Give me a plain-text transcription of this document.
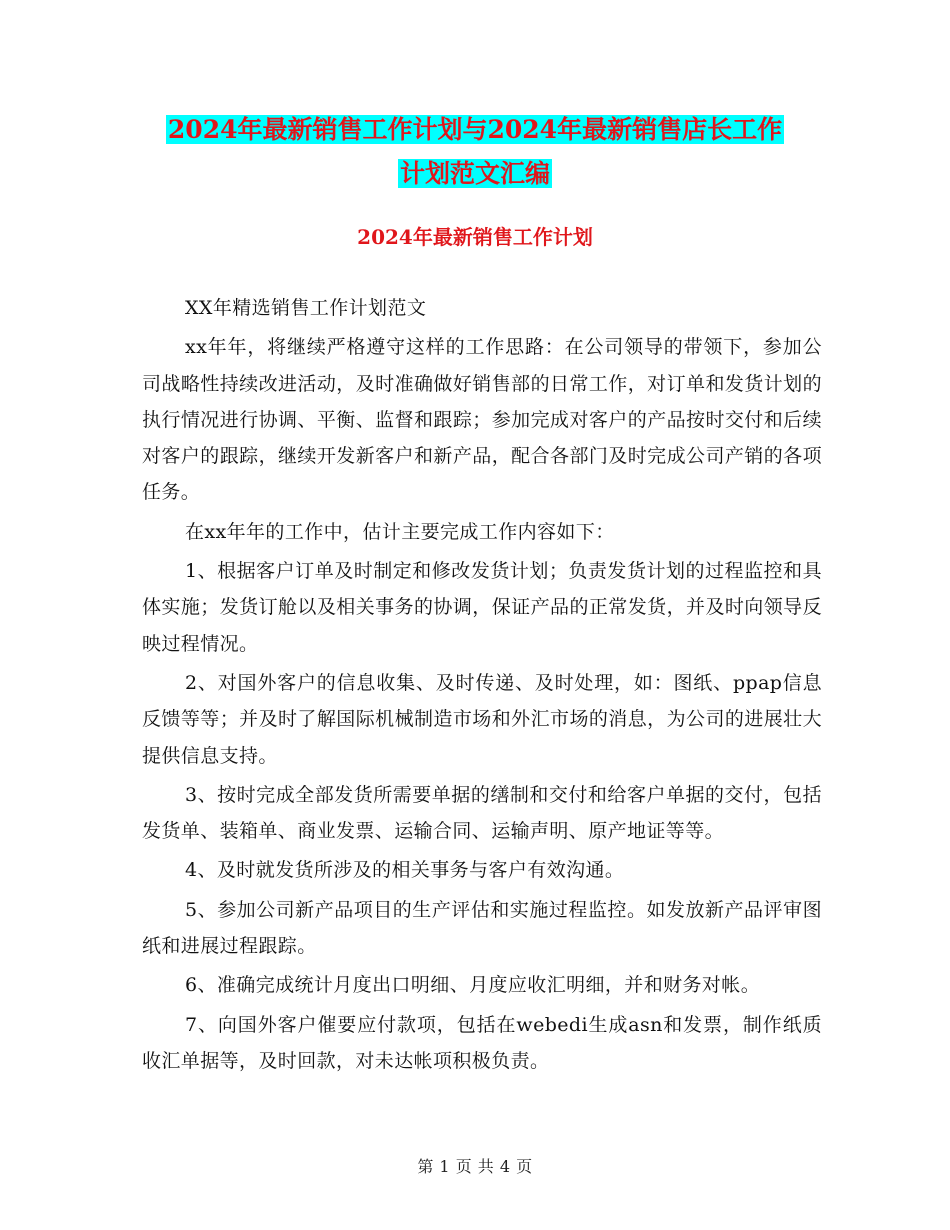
2024年最新销售工作计划与2024年最新销售店长工作
计划范文汇编
2024年最新销售工作计划

XX年精选销售工作计划范文

xx年年，将继续严格遵守这样的工作思路：在公司领导的带领下，参加公司战略性持续改进活动，及时准确做好销售部的日常工作，对订单和发货计划的执行情况进行协调、平衡、监督和跟踪；参加完成对客户的产品按时交付和后续对客户的跟踪，继续开发新客户和新产品，配合各部门及时完成公司产销的各项任务。

在xx年年的工作中，估计主要完成工作内容如下：

1、根据客户订单及时制定和修改发货计划；负责发货计划的过程监控和具体实施；发货订舱以及相关事务的协调，保证产品的正常发货，并及时向领导反映过程情况。

2、对国外客户的信息收集、及时传递、及时处理，如：图纸、ppap信息反馈等等；并及时了解国际机械制造市场和外汇市场的消息，为公司的进展壮大提供信息支持。

3、按时完成全部发货所需要单据的缮制和交付和给客户单据的交付，包括发货单、装箱单、商业发票、运输合同、运输声明、原产地证等等。

4、及时就发货所涉及的相关事务与客户有效沟通。

5、参加公司新产品项目的生产评估和实施过程监控。如发放新产品评审图纸和进展过程跟踪。

6、准确完成统计月度出口明细、月度应收汇明细，并和财务对帐。

7、向国外客户催要应付款项，包括在webedi生成asn和发票，制作纸质收汇单据等，及时回款，对未达帐项积极负责。

第 1 页 共 4 页
